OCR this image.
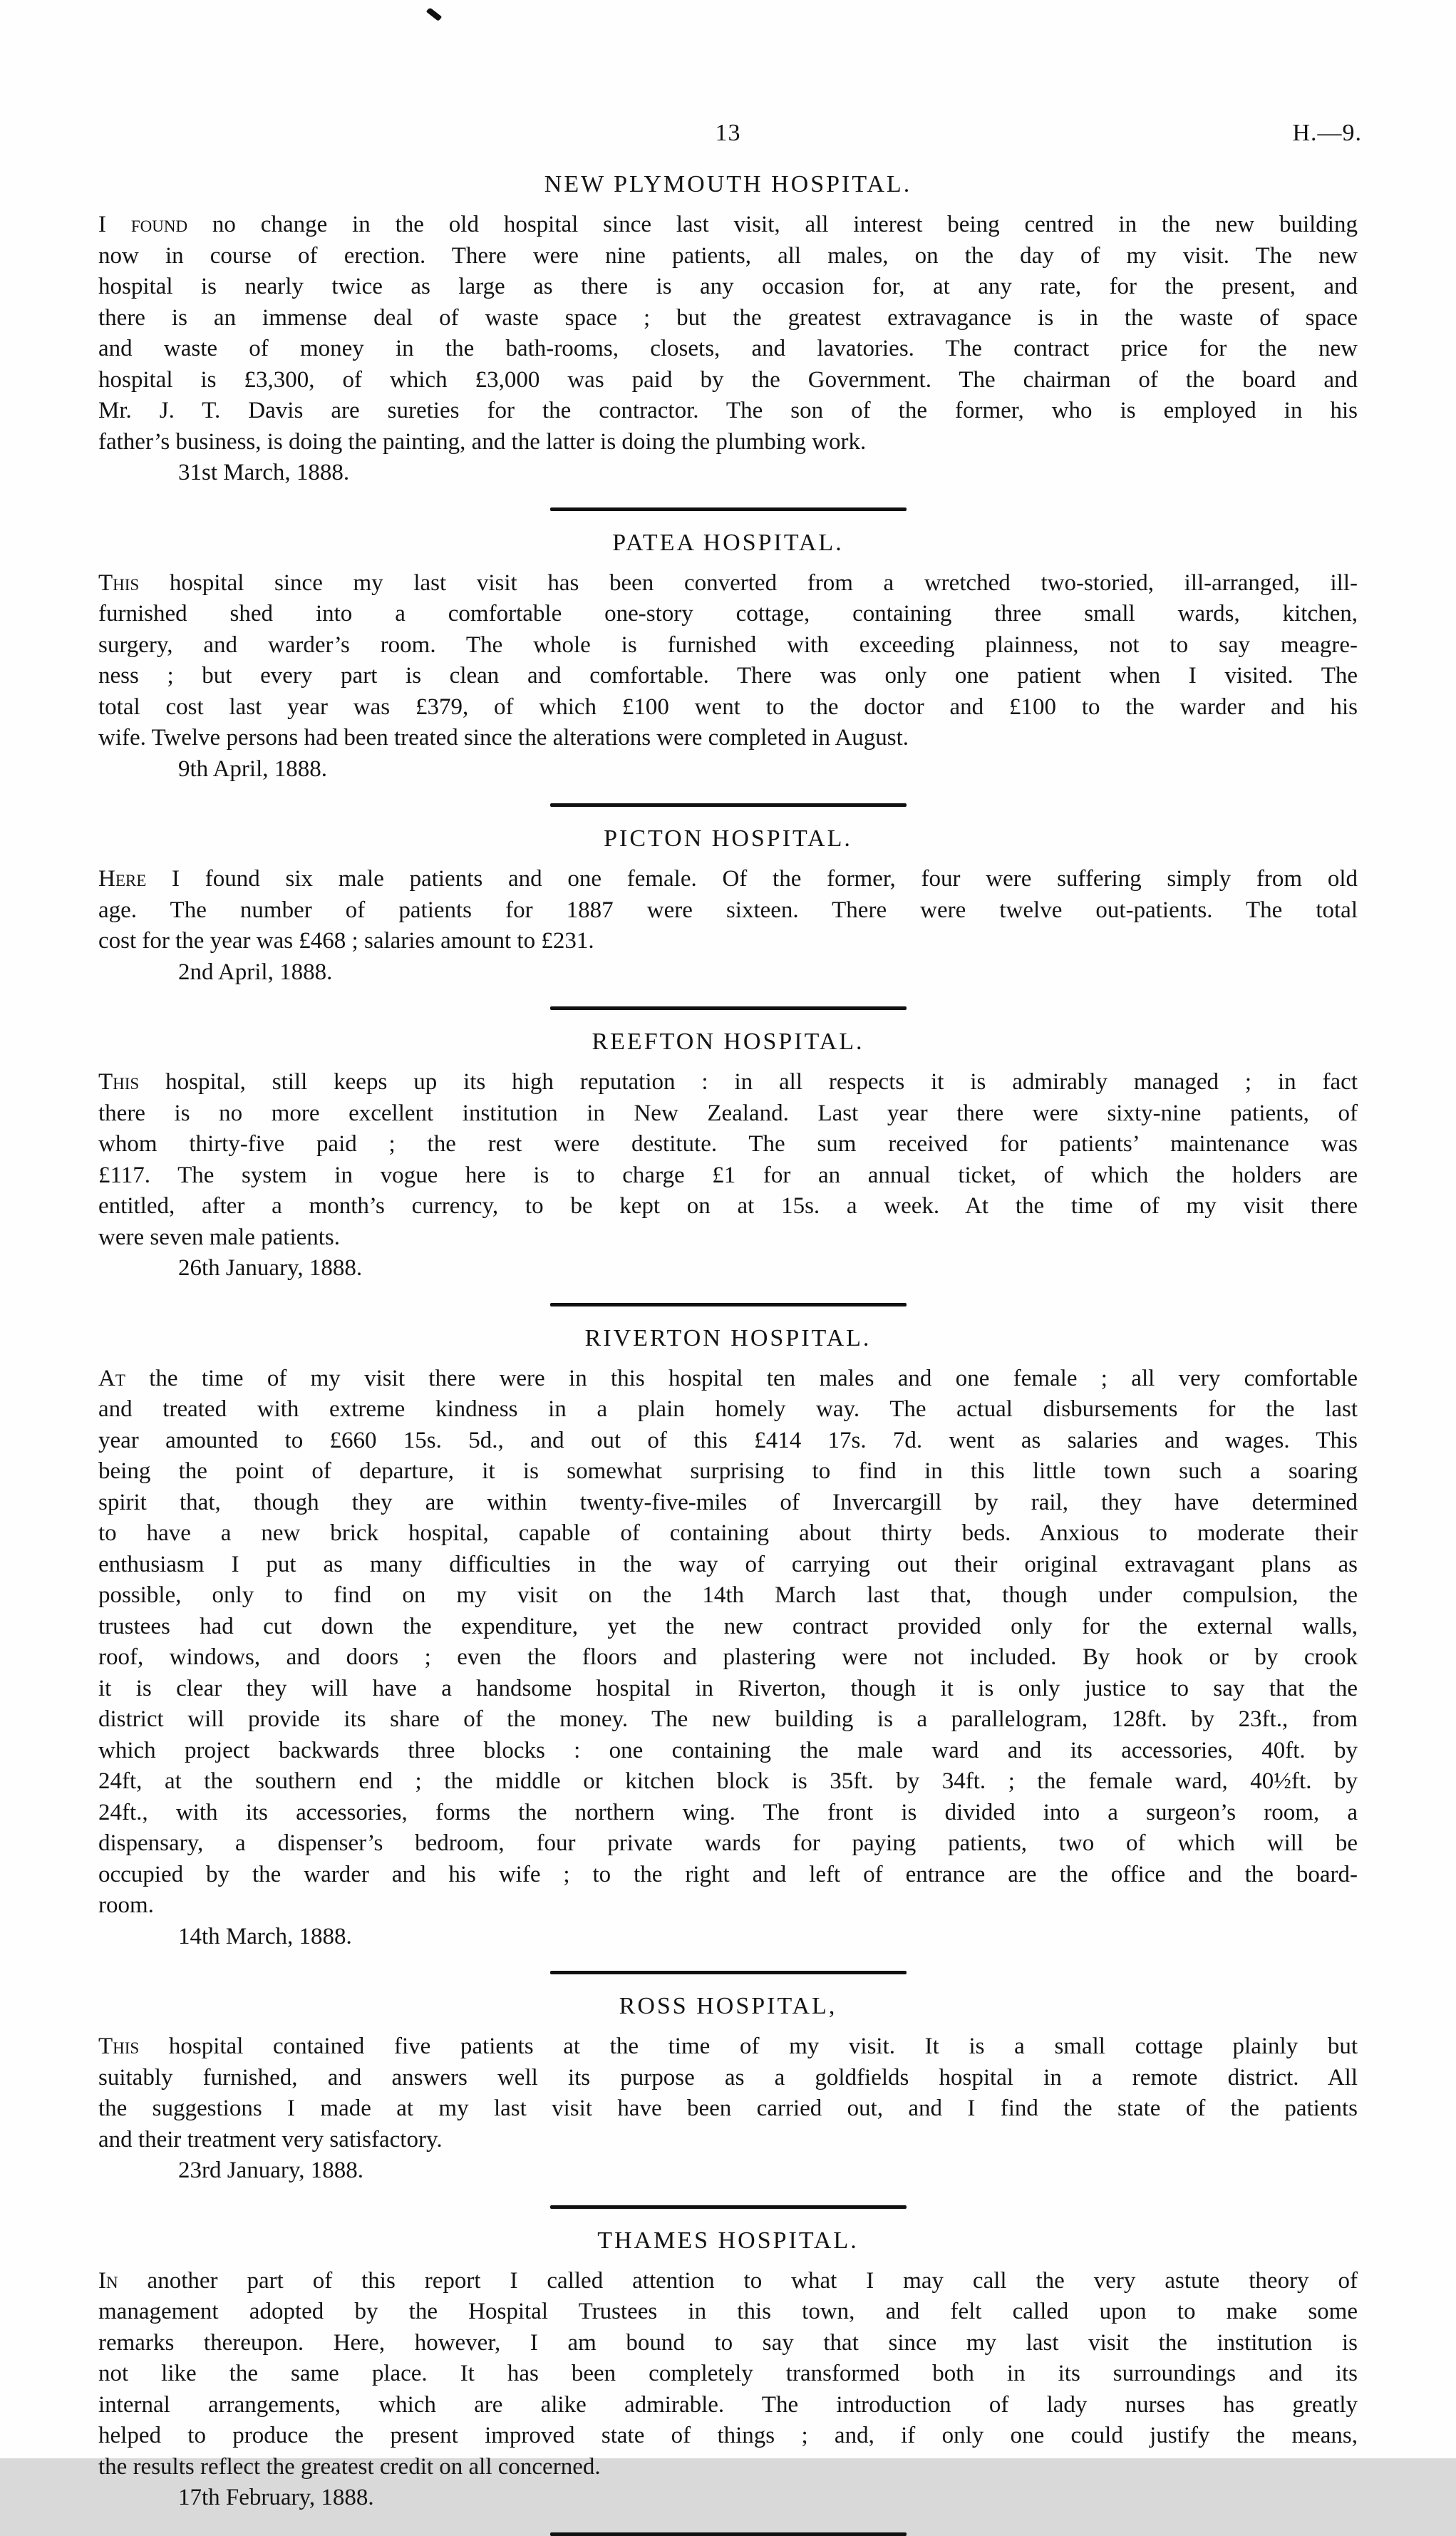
13	H.—9.
NEW PLYMOUTH HOSPITAL.
I found no change in the old hospital since last visit, all interest being centred in the new building
now in course of erection. There were nine patients, all males, on the day of my visit. The new
hospital is nearly twice as large as there is any occasion for, at any rate, for the present, and
there is an immense deal of waste space ; but the greatest extravagance is in the waste of space
and waste of money in the bath-rooms, closets, and lavatories. The contract price for the new
hospital is £3,300, of which £3,000 was paid by the Government. The chairman of the board and
Mr. J. T. Davis are sureties for the contractor. The son of the former, who is employed in his
father’s business, is doing the painting, and the latter is doing the plumbing work.
31st March, 1888.
PATEA HOSPITAL.
This hospital since my last visit has been converted from a wretched two-storied, ill-arranged, ill-
furnished shed into a comfortable one-story cottage, containing three small wards, kitchen,
surgery, and warder’s room. The whole is furnished with exceeding plainness, not to say meagre-
ness ; but every part is clean and comfortable. There was only one patient when I visited. The
total cost last year was £379, of which £100 went to the doctor and £100 to the warder and his
wife. Twelve persons had been treated since the alterations were completed in August.
9th April, 1888.
PICTON HOSPITAL.
Here I found six male patients and one female. Of the former, four were suffering simply from old
age. The number of patients for 1887 were sixteen. There were twelve out-patients. The total
cost for the year was £468 ; salaries amount to £231.
2nd April, 1888.
REEFTON HOSPITAL.
This hospital, still keeps up its high reputation : in all respects it is admirably managed ; in fact
there is no more excellent institution in New Zealand. Last year there were sixty-nine patients, of
whom thirty-five paid ; the rest were destitute. The sum received for patients’ maintenance was
£117. The system in vogue here is to charge £1 for an annual ticket, of which the holders are
entitled, after a month’s currency, to be kept on at 15s. a week. At the time of my visit there
were seven male patients.
26th January, 1888.
RIVERTON HOSPITAL.
At the time of my visit there were in this hospital ten males and one female ; all very comfortable
and treated with extreme kindness in a plain homely way. The actual disbursements for the last
year amounted to £660 15s. 5d., and out of this £414 17s. 7d. went as salaries and wages. This
being the point of departure, it is somewhat surprising to find in this little town such a soaring
spirit that, though they are within twenty-five-miles of Invercargill by rail, they have determined
to have a new brick hospital, capable of containing about thirty beds. Anxious to moderate their
enthusiasm I put as many difficulties in the way of carrying out their original extravagant plans as
possible, only to find on my visit on the 14th March last that, though under compulsion, the
trustees had cut down the expenditure, yet the new contract provided only for the external walls,
roof, windows, and doors ; even the floors and plastering were not included. By hook or by crook
it is clear they will have a handsome hospital in Riverton, though it is only justice to say that the
district will provide its share of the money. The new building is a parallelogram, 128ft. by 23ft., from
which project backwards three blocks : one containing the male ward and its accessories, 40ft. by
24ft, at the southern end ; the middle or kitchen block is 35ft. by 34ft. ; the female ward, 40½ft. by
24ft., with its accessories, forms the northern wing. The front is divided into a surgeon’s room, a
dispensary, a dispenser’s bedroom, four private wards for paying patients, two of which will be
occupied by the warder and his wife ; to the right and left of entrance are the office and the board-
room.
14th March, 1888.
ROSS HOSPITAL,
This hospital contained five patients at the time of my visit. It is a small cottage plainly but
suitably furnished, and answers well its purpose as a goldfields hospital in a remote district. All
the suggestions I made at my last visit have been carried out, and I find the state of the patients
and their treatment very satisfactory.
23rd January, 1888.
THAMES HOSPITAL.
In another part of this report I called attention to what I may call the very astute theory of
management adopted by the Hospital Trustees in this town, and felt called upon to make some
remarks thereupon. Here, however, I am bound to say that since my last visit the institution is
not like the same place. It has been completely transformed both in its surroundings and its
internal arrangements, which are alike admirable. The introduction of lady nurses has greatly
helped to produce the present improved state of things ; and, if only one could justify the means,
the results reflect the greatest credit on all concerned.
17th February, 1888.
